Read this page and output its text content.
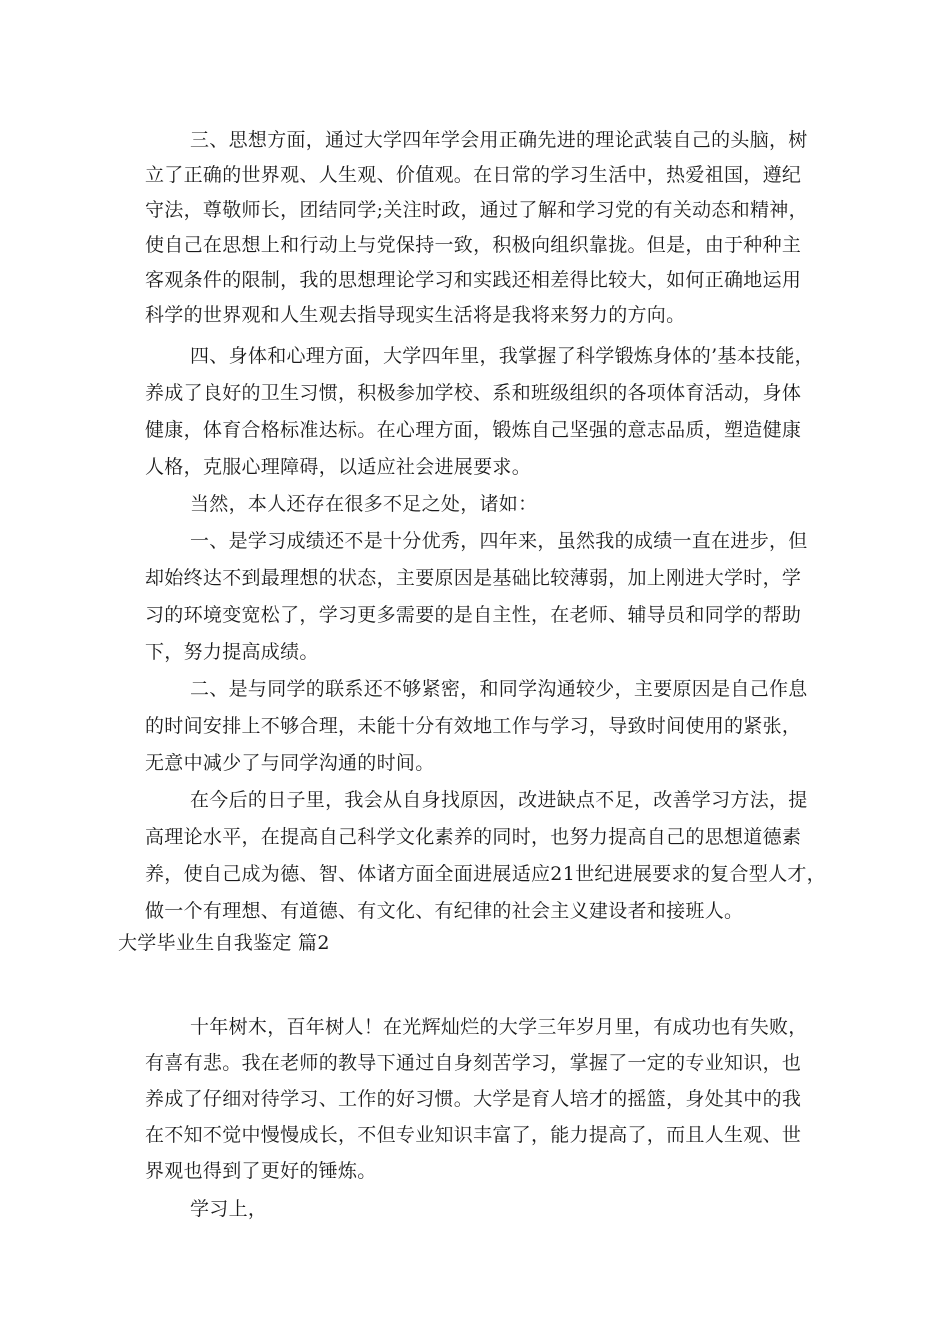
三、思想方面，通过大学四年学会用正确先进的理论武装自己的头脑，树
立了正确的世界观、人生观、价值观。在日常的学习生活中，热爱祖国，遵纪
守法，尊敬师长，团结同学;关注时政，通过了解和学习党的有关动态和精神，
使自己在思想上和行动上与党保持一致，积极向组织靠拢。但是，由于种种主
客观条件的限制，我的思想理论学习和实践还相差得比较大，如何正确地运用
科学的世界观和人生观去指导现实生活将是我将来努力的方向。
四、身体和心理方面，大学四年里，我掌握了科学锻炼身体的’基本技能，
养成了良好的卫生习惯，积极参加学校、系和班级组织的各项体育活动，身体
健康，体育合格标准达标。在心理方面，锻炼自己坚强的意志品质，塑造健康
人格，克服心理障碍，以适应社会进展要求。
当然，本人还存在很多不足之处，诸如：
一、是学习成绩还不是十分优秀，四年来，虽然我的成绩一直在进步，但
却始终达不到最理想的状态，主要原因是基础比较薄弱，加上刚进大学时，学
习的环境变宽松了，学习更多需要的是自主性，在老师、辅导员和同学的帮助
下，努力提高成绩。
二、是与同学的联系还不够紧密，和同学沟通较少，主要原因是自己作息
的时间安排上不够合理，未能十分有效地工作与学习，导致时间使用的紧张，
无意中减少了与同学沟通的时间。
在今后的日子里，我会从自身找原因，改进缺点不足，改善学习方法，提
高理论水平，在提高自己科学文化素养的同时，也努力提高自己的思想道德素
养，使自己成为德、智、体诸方面全面进展适应21世纪进展要求的复合型人才，
做一个有理想、有道德、有文化、有纪律的社会主义建设者和接班人。
大学毕业生自我鉴定 篇2
十年树木，百年树人！在光辉灿烂的大学三年岁月里，有成功也有失败，
有喜有悲。我在老师的教导下通过自身刻苦学习，掌握了一定的专业知识，也
养成了仔细对待学习、工作的好习惯。大学是育人培才的摇篮，身处其中的我
在不知不觉中慢慢成长，不但专业知识丰富了，能力提高了，而且人生观、世
界观也得到了更好的锤炼。
学习上，
